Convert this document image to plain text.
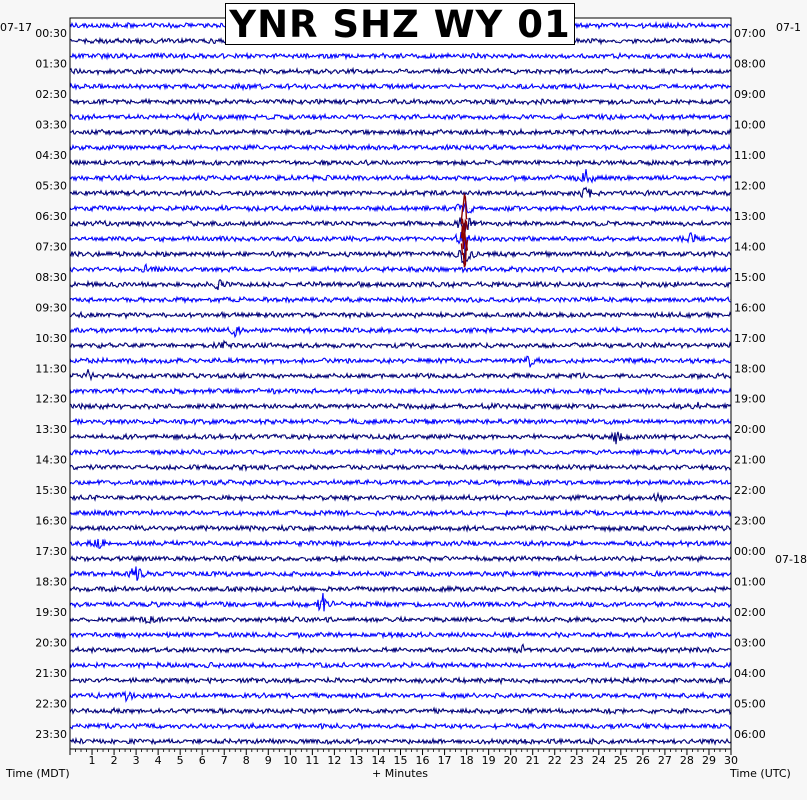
1 2 3 4 5 6 7 8 9 10 11 12 13 14 15 16 17 18 19 20 21 22 23 24 25 26 27 28 29 30
00:30
01:30
02:30
03:30
04:30
05:30
06:30
07:30
08:30
09:30
10:30
11:30
12:30
13:30
14:30
15:30
16:30
17:30
18:30
19:30
20:30
21:30
22:30
23:30
07:00
08:00
09:00
10:00
11:00
12:00
13:00
14:00
15:00
16:00
17:00
18:00
19:00
20:00
21:00
22:00
23:00
00:00
01:00
02:00
03:00
04:00
05:00
06:00
YNR SHZ WY 01
07-17	07-1
07-18
Time (MDT)	+ Minutes	Time (UTC)
